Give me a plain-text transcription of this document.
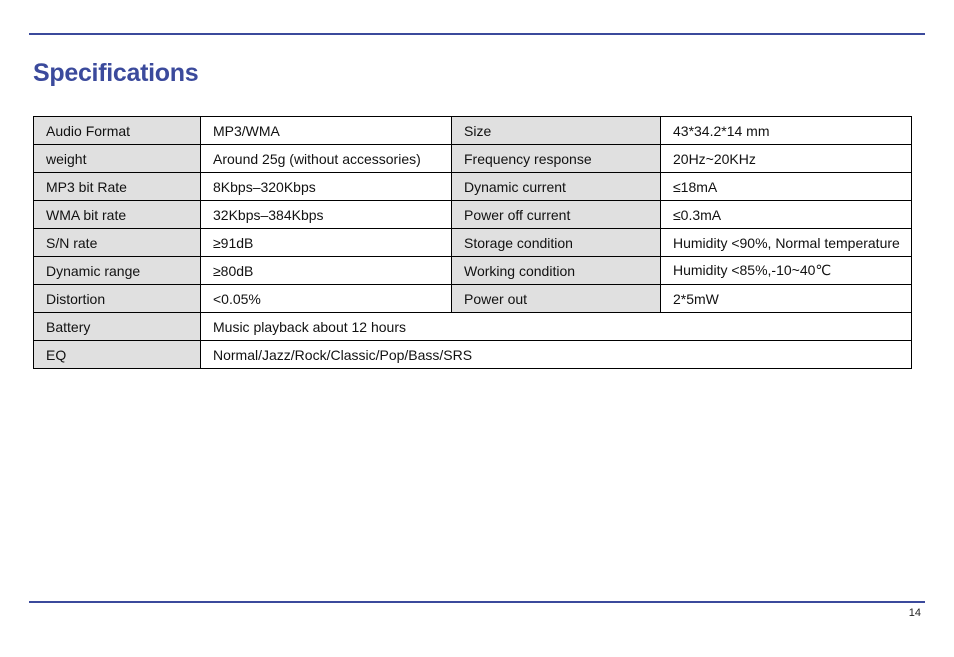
Specifications
Audio Format	MP3/WMA	Size	43*34.2*14 mm
weight	Around 25g (without accessories)	Frequency response	20Hz~20KHz
MP3 bit Rate	8Kbps–320Kbps	Dynamic current	≤18mA
WMA bit rate	32Kbps–384Kbps	Power off current	≤0.3mA
S/N rate	≥91dB	Storage condition	Humidity <90%, Normal temperature
Dynamic range	≥80dB	Working condition	Humidity <85%,-10~40℃
Distortion	<0.05%	Power out	2*5mW
Battery	Music playback about 12 hours		
EQ	Normal/Jazz/Rock/Classic/Pop/Bass/SRS		
14
